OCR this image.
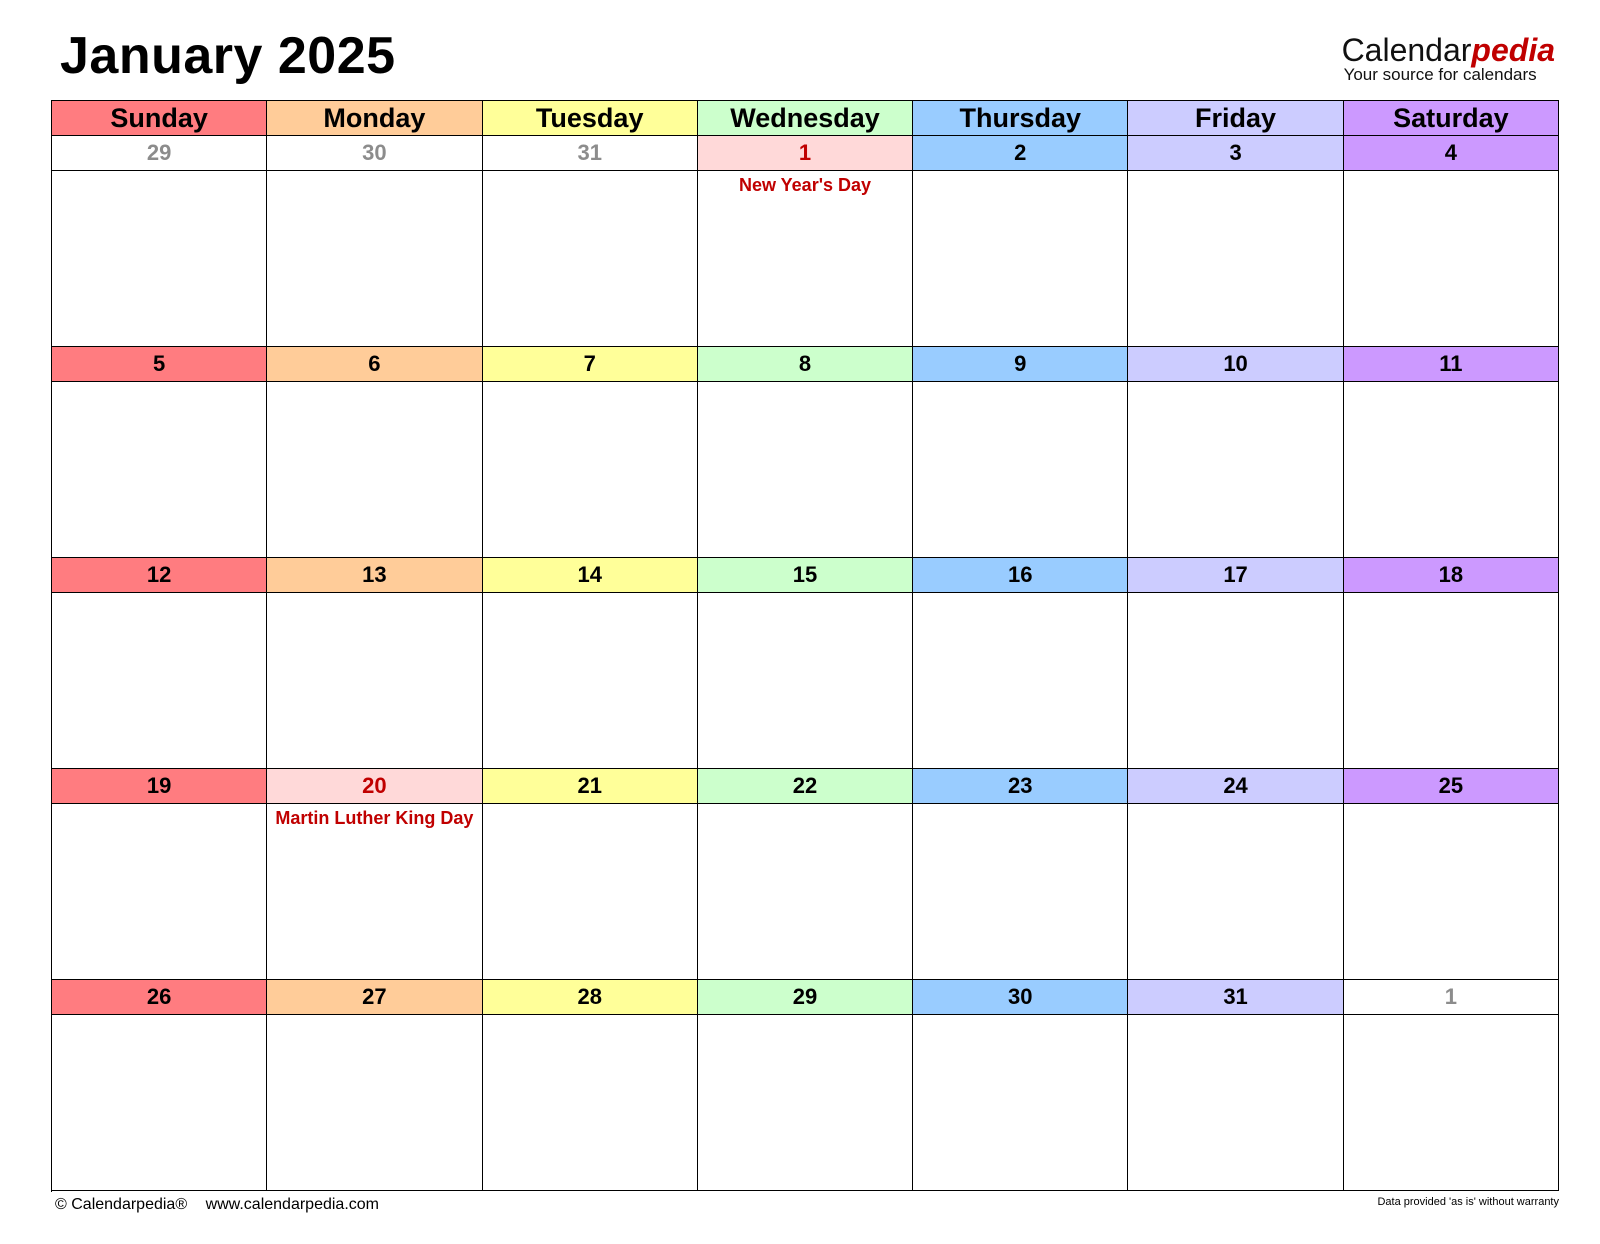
January 2025	Calendarpedia
Your source for calendars
Sunday	Monday	Tuesday	Wednesday	Thursday	Friday	Saturday
29	30	31	1	2	3	4
New Year's Day
5	6	7	8	9	10	11
12	13	14	15	16	17	18
19	20	21	22	23	24	25
Martin Luther King Day
26	27	28	29	30	31	1
© Calendarpedia® www.calendarpedia.com	Data provided 'as is' without warranty
